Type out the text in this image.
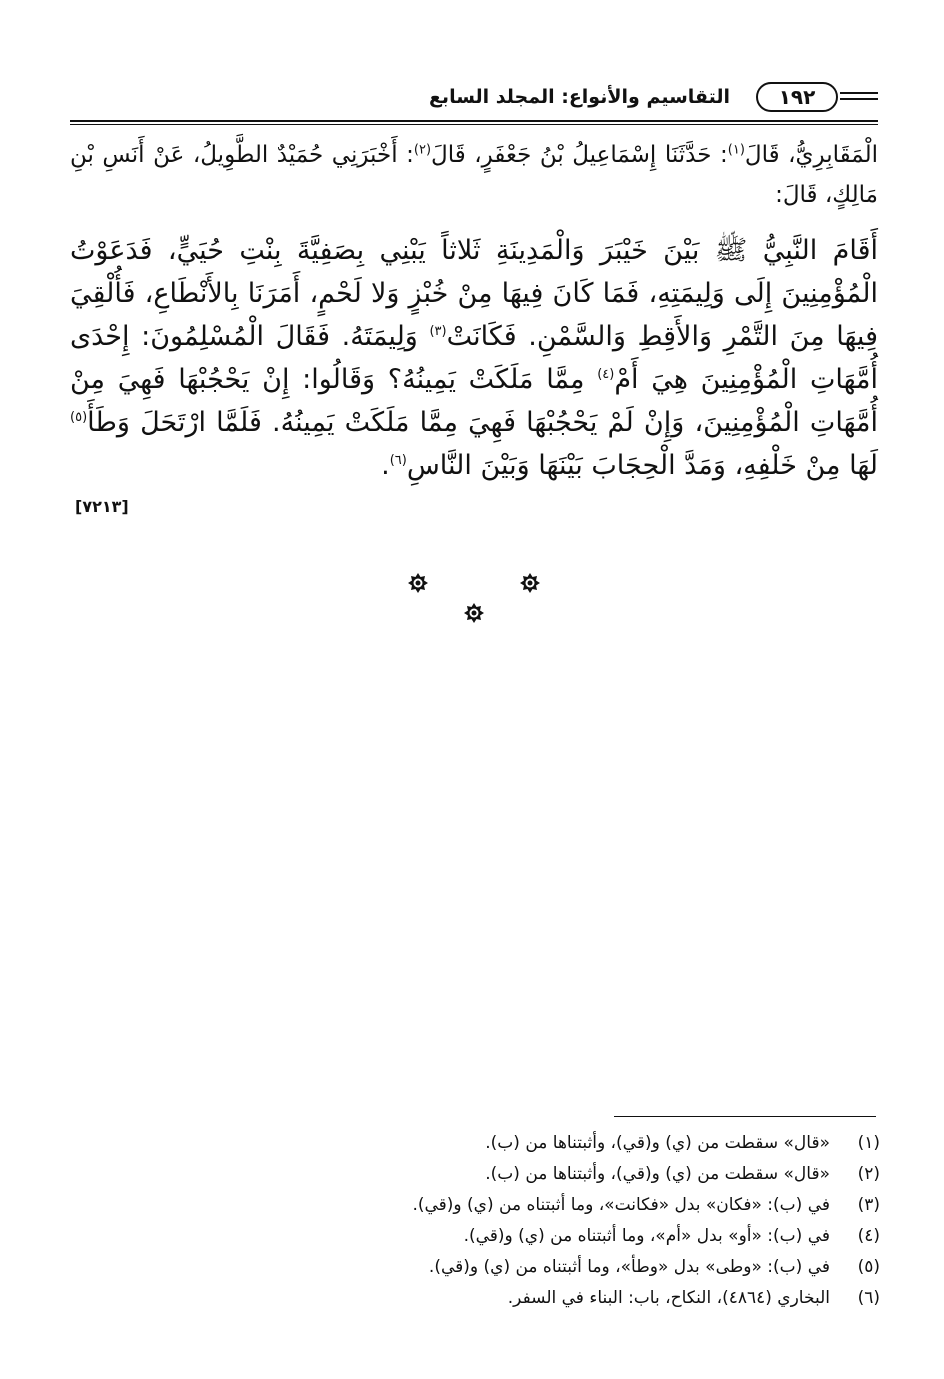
التقاسيم والأنواع: المجلد السابع	١٩٢

الْمَقَابِرِيُّ، قَالَ$^{(١)}$: حَدَّثَنَا إِسْمَاعِيلُ بْنُ جَعْفَرٍ، قَالَ$^{(٢)}$: أَخْبَرَنِي حُمَيْدٌ الطَّوِيلُ، عَنْ أَنَسِ بْنِ مَالِكٍ، قَالَ:

أَقَامَ النَّبِيُّ ﷺ بَيْنَ خَيْبَرَ وَالْمَدِينَةِ ثَلاثاً يَبْنِي بِصَفِيَّةَ بِنْتِ حُيَيٍّ، فَدَعَوْتُ الْمُؤْمِنِينَ إِلَى وَلِيمَتِهِ، فَمَا كَانَ فِيهَا مِنْ خُبْزٍ وَلا لَحْمٍ، أَمَرَنَا بِالأَنْطَاعِ، فَأُلْقِيَ فِيهَا مِنَ التَّمْرِ وَالأَقِطِ وَالسَّمْنِ. فَكَانَتْ$^{(٣)}$ وَلِيمَتَهُ. فَقَالَ الْمُسْلِمُونَ: إِحْدَى أُمَّهَاتِ الْمُؤْمِنِينَ هِيَ أَمْ$^{(٤)}$ مِمَّا مَلَكَتْ يَمِينُهُ؟ وَقَالُوا: إِنْ يَحْجُبْهَا فَهِيَ مِنْ أُمَّهَاتِ الْمُؤْمِنِينَ، وَإِنْ لَمْ يَحْجُبْهَا فَهِيَ مِمَّا مَلَكَتْ يَمِينُهُ. فَلَمَّا ارْتَحَلَ وَطَأَ$^{(٥)}$ لَهَا مِنْ خَلْفِهِ، وَمَدَّ الْحِجَابَ بَيْنَهَا وَبَيْنَ النَّاسِ$^{(٦)}$.

[٧٢١٣]
(١)«قال» سقطت من (ي) و(قي)، وأثبتناها من (ب).
(٢)«قال» سقطت من (ي) و(قي)، وأثبتناها من (ب).
(٣)في (ب): «فكان» بدل «فكانت»، وما أثبتناه من (ي) و(قي).
(٤)في (ب): «أو» بدل «أم»، وما أثبتناه من (ي) و(قي).
(٥)في (ب): «وطى» بدل «وطأ»، وما أثبتناه من (ي) و(قي).
(٦)البخاري (٤٨٦٤)، النكاح، باب: البناء في السفر.
